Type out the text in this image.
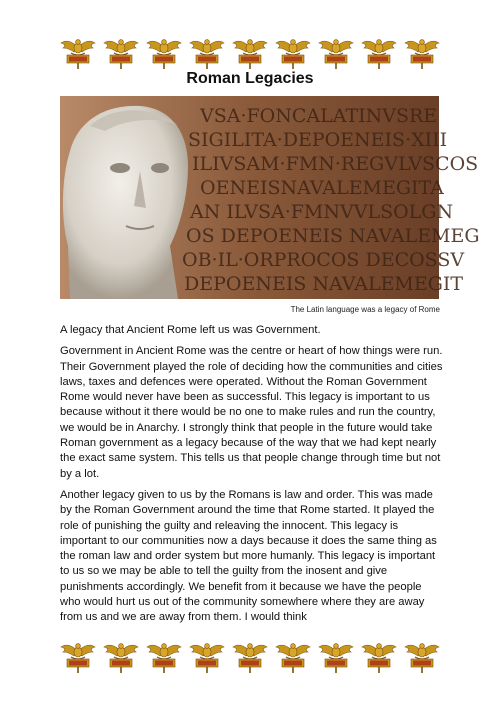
Roman Legacies
VSA·FONCALATINVSRE
SIGILITA·DEPOENEIS·XIII
ILIVSAM·FMN·REGVLVSCOS
OENEISNAVALEMEGITA
AN ILVSA·FMNVVLSOLGN
OS DEPOENEIS NAVALEMEG
OB·IL·ORPROCOS DECOSSV
DEPOENEIS NAVALEMEGIT
The Latin language was a legacy of Rome

A legacy that Ancient Rome left us was Government.

Government in Ancient Rome was the centre or heart of how things were run. Their Government played the role of deciding how the communities and cities laws, taxes and defences were operated. Without the Roman Government Rome would never have been as successful. This legacy is important to us because without it there would be no one to make rules and run the country, we would be in Anarchy. I strongly think that people in the future would take Roman government as a legacy because of the way that we had kept nearly the exact same system. This tells us that people change through time but not by a lot.

Another legacy given to us by the Romans is law and order. This was made by the Roman Government around the time that Rome started. It played the role of punishing the guilty and releaving the innocent. This legacy is important to our communities now a days because it does the same thing as the roman law and order system but more humanly. This legacy is important to us so we may be able to tell the guilty from the inosent and give punishments accordingly. We benefit from it because we have the people who would hurt us out of the community somewhere where they are away from us and we are away from them. I would think
